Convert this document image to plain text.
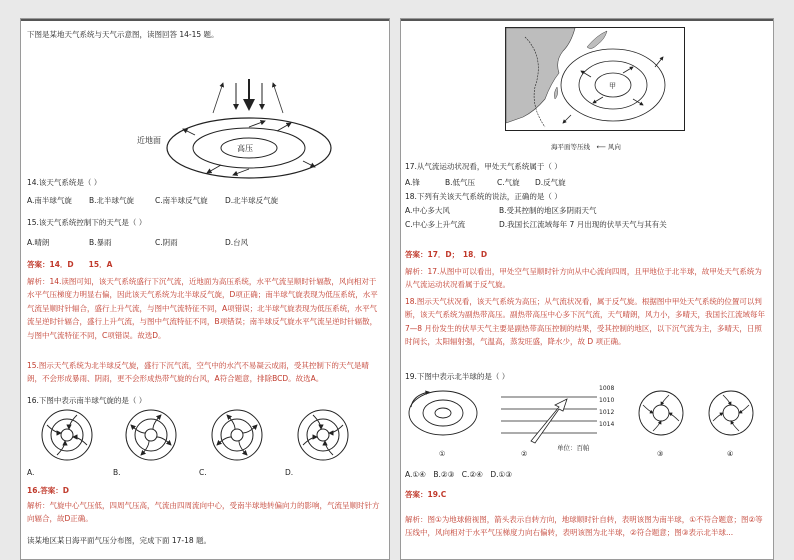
下图是某地天气系统与天气示意图，读图回答 14-15 题。
高压
近地面
14.该天气系统是（ ）
A.南半球气旋 B.北半球气旋	C.南半球反气旋 D.北半球反气旋
15.该天气系统控制下的天气是（ ）
A.晴朗	B.暴雨	C.阴雨	D.台风
答案：14．D　　15．A
解析：14.读图可知，该天气系统盛行下沉气流，近地面为高压系统，水平气流呈顺时针辐散，风向相对于水平气压梯度力明显右偏，因此该天气系统为北半球反气旋，D项正确；南半球气旋表现为低压系统，水平气流呈顺时针辐合，盛行上升气流，与图中气流特征不同，A项错误；北半球气旋表现为低压系统，水平气流呈逆时针辐合，盛行上升气流，与图中气流特征不同，B项错误；南半球反气旋水平气流呈逆时针辐散，与图中气流特征不同，C项错误。故选D。
15.图示天气系统为北半球反气旋，盛行下沉气流，空气中的水汽不易凝云成雨，受其控制下的天气是晴朗，不会形成暴雨、阴雨，更不会形成热带气旋的台风，A符合题意，排除BCD。故选A。
16.下图中表示南半球气旋的是（ ）
A.	B.	C.	D.
16.答案：D
解析：气旋中心气压低，四周气压高，气流由四周流向中心，受南半球地转偏向力的影响，气流呈顺时针方向辐合，故D正确。
读某地区某日海平面气压分布图，完成下面 17-18 题。
甲
海平面等压线　⟵ 风向
17.从气流运动状况看，甲处天气系统属于（ ）
A.锋	B.低气压	C.气旋 D.反气旋
18.下列有关该天气系统的说法，正确的是（ ）
A.中心多大风	B.受其控制的地区多阴雨天气
C.中心多上升气流	D.我国长江流域每年 7 月出现的伏旱天气与其有关
答案：17．D；　18．D
解析：17.从图中可以看出，甲处空气呈顺时针方向从中心流向四周，且甲地位于北半球，故甲处天气系统为从气流运动状况看属于反气旋。
18.图示天气状况看，该天气系统为高压；从气流状况看，属于反气旋。根据图中甲处天气系统的位置可以判断，该天气系统为副热带高压。副热带高压中心多下沉气流，天气晴朗，风力小，多晴天，我国长江流域每年 7—8 月份发生的伏旱天气主要是副热带高压控制的结果，受其控制的地区，以下沉气流为主，多晴天，日照时间长，太阳辐射强，气温高，蒸发旺盛，降水少，故 D 项正确。
19.下图中表示北半球的是（ ）
1008
1010
1012
1014
单位：百帕
①	②	③	④
A.①④　B.②③　C.②④　D.①③
答案：19.C
解析：图①为地球俯视图，箭头表示自转方向，地球顺时针自转，表明该图为南半球，①不符合题意；图②等压线中，风向相对于水平气压梯度力向右偏转，表明该图为北半球，②符合题意；图③表示北半球...
